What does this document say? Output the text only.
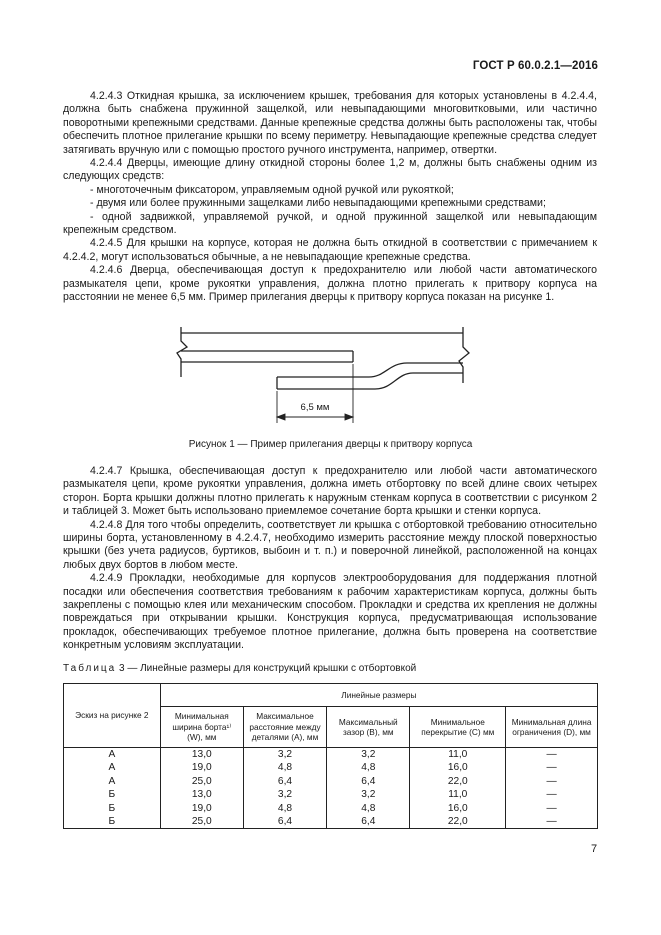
ГОСТ Р 60.0.2.1—2016

4.2.4.3 Откидная крышка, за исключением крышек, требования для которых установлены в 4.2.4.4, должна быть снабжена пружинной защелкой, или невыпадающими многовитковыми, или частично поворотными крепежными средствами. Данные крепежные средства должны быть расположены так, чтобы обеспечить плотное прилегание крышки по всему периметру. Невыпадающие крепежные средства следует затягивать вручную или с помощью простого ручного инструмента, например, отвертки.

4.2.4.4 Дверцы, имеющие длину откидной стороны более 1,2 м, должны быть снабжены одним из следующих средств:

- многоточечным фиксатором, управляемым одной ручкой или рукояткой;

- двумя или более пружинными защелками либо невыпадающими крепежными средствами;

- одной задвижкой, управляемой ручкой, и одной пружинной защелкой или невыпадающим крепежным средством.

4.2.4.5 Для крышки на корпусе, которая не должна быть откидной в соответствии с примечанием к 4.2.4.2, могут использоваться обычные, а не невыпадающие крепежные средства.

4.2.4.6 Дверца, обеспечивающая доступ к предохранителю или любой части автоматического размыкателя цепи, кроме рукоятки управления, должна плотно прилегать к притвору корпуса на расстоянии не менее 6,5 мм. Пример прилегания дверцы к притвору корпуса показан на рисунке 1.

6,5 мм
Рисунок 1 — Пример прилегания дверцы к притвору корпуса

4.2.4.7 Крышка, обеспечивающая доступ к предохранителю или любой части автоматического размыкателя цепи, кроме рукоятки управления, должна иметь отбортовку по всей длине своих четырех сторон. Борта крышки должны плотно прилегать к наружным стенкам корпуса в соответствии с рисунком 2 и таблицей 3. Может быть использовано приемлемое сочетание борта крышки и стенки корпуса.

4.2.4.8 Для того чтобы определить, соответствует ли крышка с отбортовкой требованию относительно ширины борта, установленному в 4.2.4.7, необходимо измерить расстояние между плоской поверхностью крышки (без учета радиусов, буртиков, выбоин и т. п.) и поверочной линейкой, расположенной на концах любых двух бортов в любом месте.

4.2.4.9 Прокладки, необходимые для корпусов электрооборудования для поддержания плотной посадки или обеспечения соответствия требованиям к рабочим характеристикам корпуса, должны быть закреплены с помощью клея или механическим способом. Прокладки и средства их крепления не должны повреждаться при открывании крышки. Конструкция корпуса, предусматривающая использование прокладок, обеспечивающих требуемое плотное прилегание, должна быть проверена на соответствие конкретным условиям эксплуатации.

Таблица 3 — Линейные размеры для конструкций крышки с отбортовкой
Эскиз на рисунке 2	Линейные размеры				
	Минимальная ширина борта¹⁾ (W), мм	Максимальное расстояние между деталями (A), мм	Максимальный зазор (B), мм	Минимальное перекрытие (C) мм	Минимальная длина ограничения (D), мм
А	13,0	3,2	3,2	11,0	—
А	19,0	4,8	4,8	16,0	—
А	25,0	6,4	6,4	22,0	—
Б	13,0	3,2	3,2	11,0	—
Б	19,0	4,8	4,8	16,0	—
Б	25,0	6,4	6,4	22,0	—
7
